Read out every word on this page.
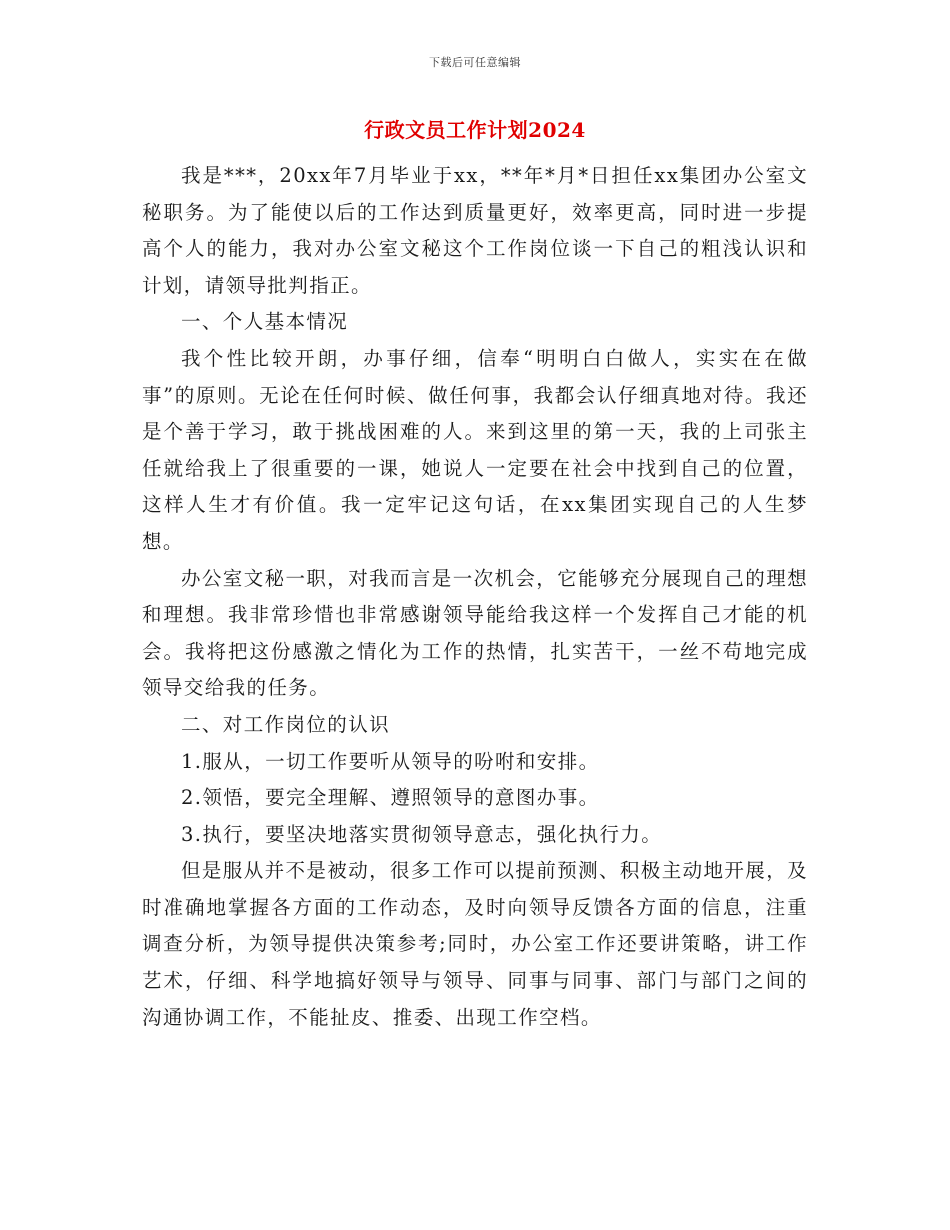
下载后可任意编辑
行政文员工作计划2024

我是***，20xx年7月毕业于xx，**年*月*日担任xx集团办公室文秘职务。为了能使以后的工作达到质量更好，效率更高，同时进一步提高个人的能力，我对办公室文秘这个工作岗位谈一下自己的粗浅认识和计划，请领导批判指正。

一、个人基本情况

我个性比较开朗，办事仔细，信奉“明明白白做人，实实在在做事”的原则。无论在任何时候、做任何事，我都会认仔细真地对待。我还是个善于学习，敢于挑战困难的人。来到这里的第一天，我的上司张主任就给我上了很重要的一课，她说人一定要在社会中找到自己的位置，这样人生才有价值。我一定牢记这句话，在xx集团实现自己的人生梦想。

办公室文秘一职，对我而言是一次机会，它能够充分展现自己的理想和理想。我非常珍惜也非常感谢领导能给我这样一个发挥自己才能的机会。我将把这份感激之情化为工作的热情，扎实苦干，一丝不苟地完成领导交给我的任务。

二、对工作岗位的认识

1.服从，一切工作要听从领导的吩咐和安排。

2.领悟，要完全理解、遵照领导的意图办事。

3.执行，要坚决地落实贯彻领导意志，强化执行力。

但是服从并不是被动，很多工作可以提前预测、积极主动地开展，及时准确地掌握各方面的工作动态，及时向领导反馈各方面的信息，注重调查分析，为领导提供决策参考;同时，办公室工作还要讲策略，讲工作艺术，仔细、科学地搞好领导与领导、同事与同事、部门与部门之间的沟通协调工作，不能扯皮、推委、出现工作空档。
